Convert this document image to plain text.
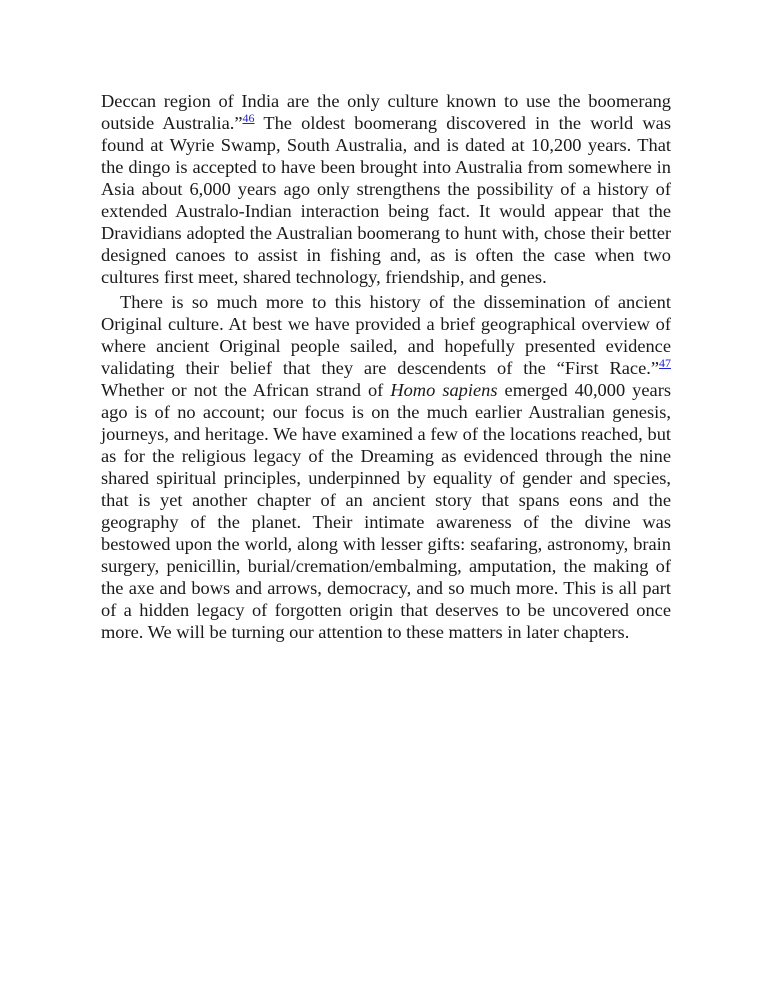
Deccan region of India are the only culture known to use the boomerang outside Australia.”$^{46}$ The oldest boomerang discovered in the world was found at Wyrie Swamp, South Australia, and is dated at 10,200 years. That the dingo is accepted to have been brought into Australia from somewhere in Asia about 6,000 years ago only strengthens the possibility of a history of extended Australo-Indian interaction being fact. It would appear that the Dravidians adopted the Australian boomerang to hunt with, chose their better designed canoes to assist in fishing and, as is often the case when two cultures first meet, shared technology, friendship, and genes.

There is so much more to this history of the dissemination of ancient Original culture. At best we have provided a brief geographical overview of where ancient Original people sailed, and hopefully presented evidence validating their belief that they are descendents of the “First Race.”$^{47}$ Whether or not the African strand of Homo sapiens emerged 40,000 years ago is of no account; our focus is on the much earlier Australian genesis, journeys, and heritage. We have examined a few of the locations reached, but as for the religious legacy of the Dreaming as evidenced through the nine shared spiritual principles, underpinned by equality of gender and species, that is yet another chapter of an ancient story that spans eons and the geography of the planet. Their intimate awareness of the divine was bestowed upon the world, along with lesser gifts: seafaring, astronomy, brain surgery, penicillin, burial/cremation/embalming, amputation, the making of the axe and bows and arrows, democracy, and so much more. This is all part of a hidden legacy of forgotten origin that deserves to be uncovered once more. We will be turning our attention to these matters in later chapters.
